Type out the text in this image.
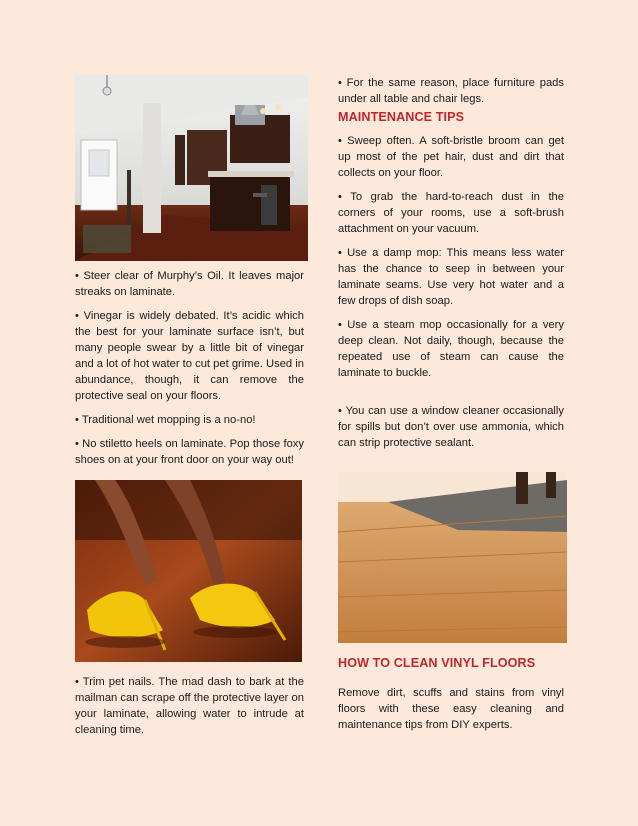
• Steer clear of Murphy’s Oil. It leaves major streaks on laminate.

• Vinegar is widely debated. It’s acidic which the best for your laminate surface isn’t, but many people swear by a little bit of vinegar and a lot of hot water to cut pet grime. Used in abundance, though, it can remove the protective seal on your floors.

• Traditional wet mopping is a no-no!

• No stiletto heels on laminate. Pop those foxy shoes on at your front door on your way out!

• Trim pet nails. The mad dash to bark at the mailman can scrape off the protective layer on your laminate, allowing water to intrude at cleaning time.

• For the same reason, place furniture pads under all table and chair legs.

MAINTENANCE TIPS

• Sweep often. A soft-bristle broom can get up most of the pet hair, dust and dirt that collects on your floor.

• To grab the hard-to-reach dust in the corners of your rooms, use a soft-brush attachment on your vacuum.

• Use a damp mop: This means less water has the chance to seep in between your laminate seams. Use very hot water and a few drops of dish soap.

• Use a steam mop occasionally for a very deep clean. Not daily, though, because the repeated use of steam can cause the laminate to buckle.

• You can use a window cleaner occasionally for spills but don’t over use ammonia, which can strip protective sealant.

HOW TO CLEAN VINYL FLOORS

Remove dirt, scuffs and stains from vinyl floors with these easy cleaning and maintenance tips from DIY experts.
